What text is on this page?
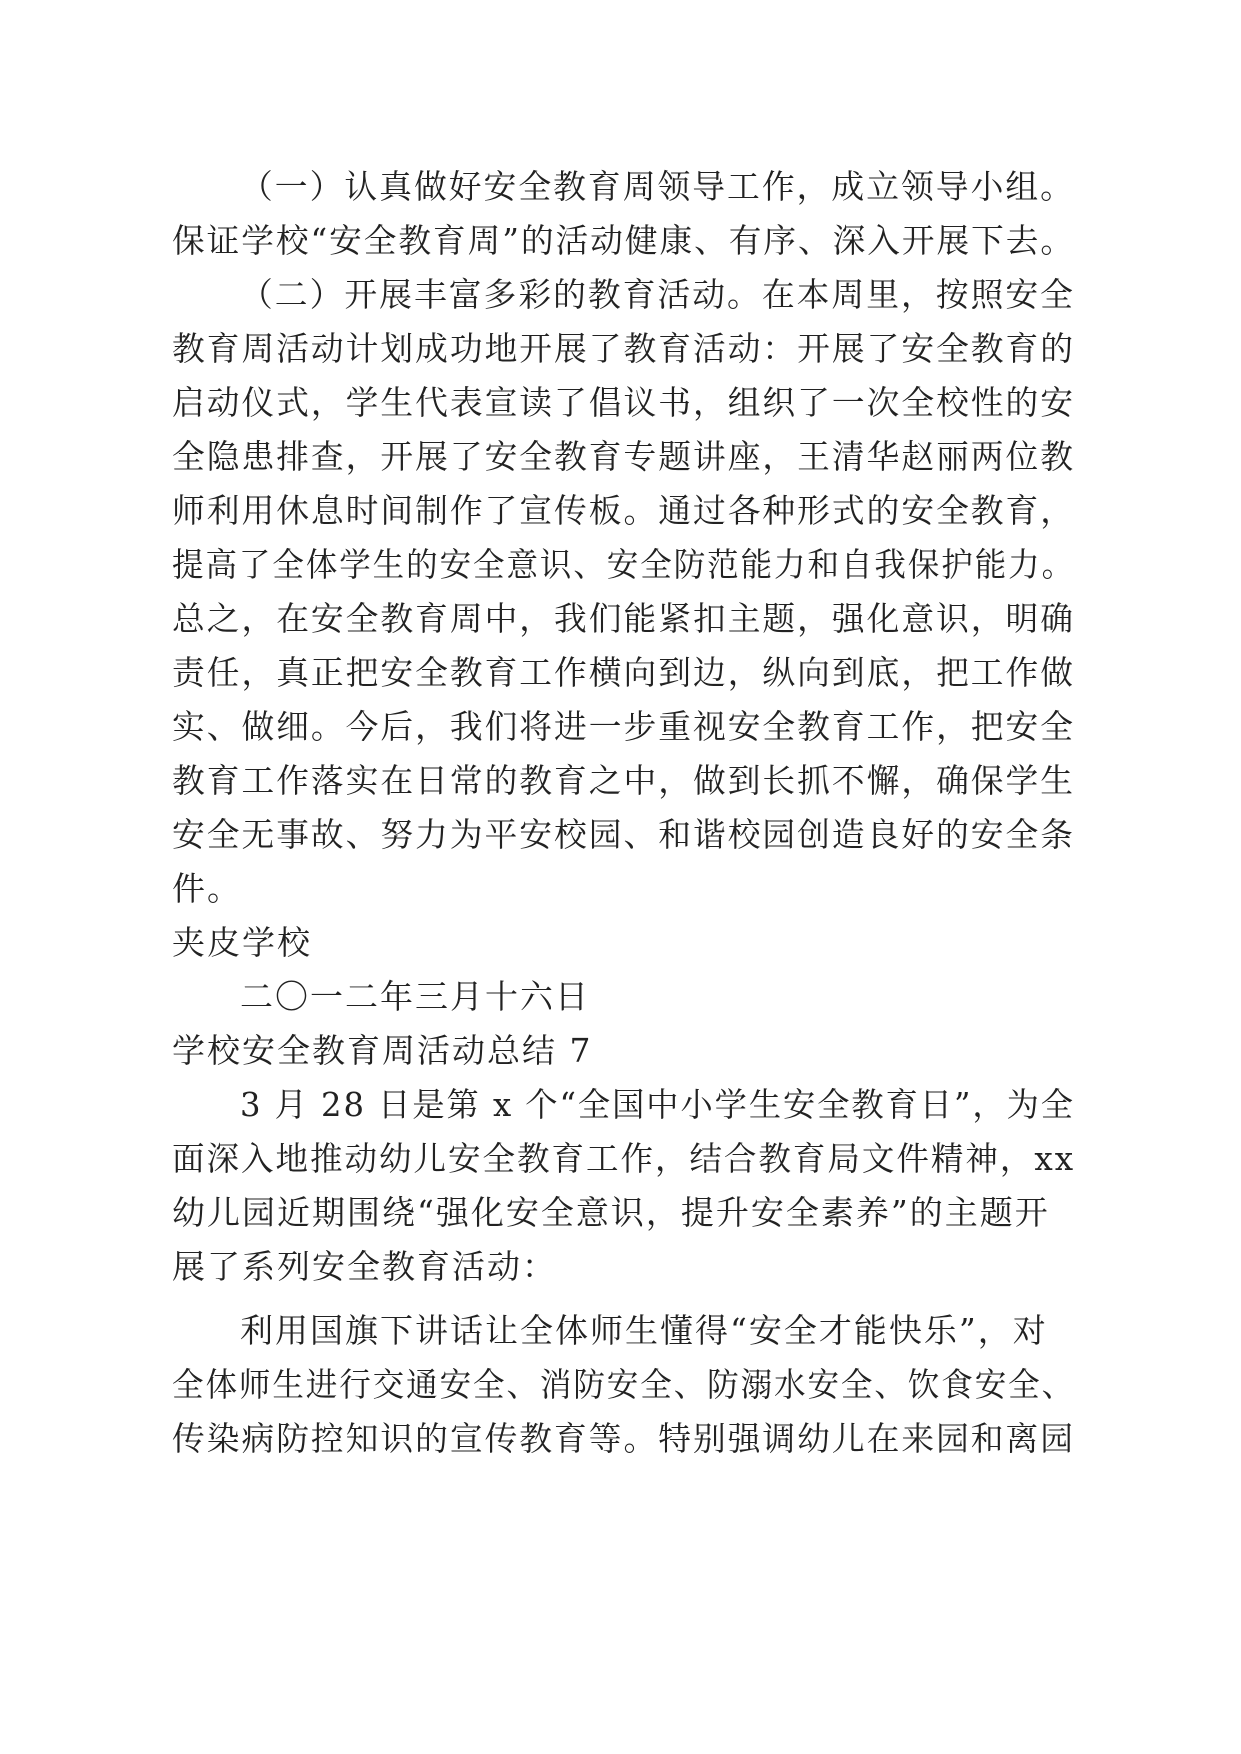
（一）认真做好安全教育周领导工作，成立领导小组。
保证学校“安全教育周”的活动健康、有序、深入开展下去。
（二）开展丰富多彩的教育活动。在本周里，按照安全
教育周活动计划成功地开展了教育活动：开展了安全教育的
启动仪式，学生代表宣读了倡议书，组织了一次全校性的安
全隐患排查，开展了安全教育专题讲座，王清华赵丽两位教
师利用休息时间制作了宣传板。通过各种形式的安全教育，
提高了全体学生的安全意识、安全防范能力和自我保护能力。
总之，在安全教育周中，我们能紧扣主题，强化意识，明确
责任，真正把安全教育工作横向到边，纵向到底，把工作做
实、做细。今后，我们将进一步重视安全教育工作，把安全
教育工作落实在日常的教育之中，做到长抓不懈，确保学生
安全无事故、努力为平安校园、和谐校园创造良好的安全条
件。
夹皮学校
二〇一二年三月十六日
学校安全教育周活动总结 7
3 月 28 日是第 x 个“全国中小学生安全教育日”，为全
面深入地推动幼儿安全教育工作，结合教育局文件精神，xx
幼儿园近期围绕“强化安全意识，提升安全素养”的主题开
展了系列安全教育活动：
利用国旗下讲话让全体师生懂得“安全才能快乐”，对
全体师生进行交通安全、消防安全、防溺水安全、饮食安全、
传染病防控知识的宣传教育等。特别强调幼儿在来园和离园
